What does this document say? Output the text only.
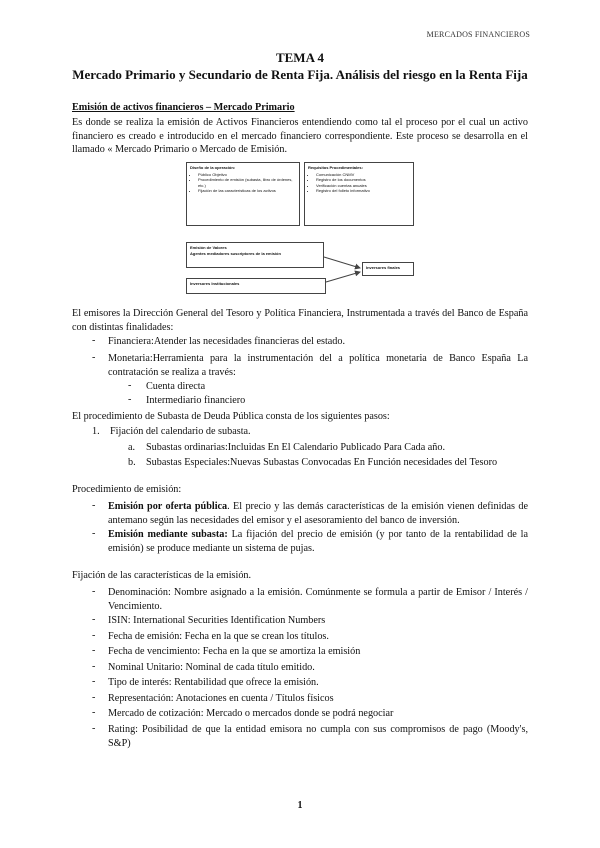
MERCADOS FINANCIEROS
TEMA 4
Mercado Primario y Secundario de Renta Fija. Análisis del riesgo en la Renta Fija
Emisión de activos financieros – Mercado Primario
Es donde se realiza la emisión de Activos Financieros entendiendo como tal el proceso por el cual un activo financiero es creado e introducido en el mercado financiero correspondiente. Este proceso se desarrolla en el llamado « Mercado Primario o Mercado de Emisión.
Diseño de la operación:
• Público Objetivo
• Procedimiento de emisión (subasta, libro de órdenes, etc.)
• Fijación de las características de los activos
Requisitos Procedimentales:
• Comunicación CNMV
• Registro de los documentos
• Verificación cuentas anuales
• Registro del folleto informativo
Emisión de Valores
Agentes mediadores suscriptores de la emisión
Inversores finales
Inversores Institucionales
El emisores la Dirección General del Tesoro y Política Financiera, Instrumentada a través del Banco de España con distintas finalidades:
- Financiera:Atender las necesidades financieras del estado.
- Monetaria:Herramienta para la instrumentación del a política monetaria de Banco España La contratación se realiza a través:
- Cuenta directa
- Intermediario financiero
El procedimiento de Subasta de Deuda Pública consta de los siguientes pasos:
1. Fijación del calendario de subasta.
a. Subastas ordinarias:Incluidas En El Calendario Publicado Para Cada año.
b. Subastas Especiales:Nuevas Subastas Convocadas En Función necesidades del Tesoro
Procedimiento de emisión:
- Emisión por oferta pública. El precio y las demás características de la emisión vienen definidas de antemano según las necesidades del emisor y el asesoramiento del banco de inversión.
- Emisión mediante subasta: La fijación del precio de emisión (y por tanto de la rentabilidad de la emisión) se produce mediante un sistema de pujas.
Fijación de las características de la emisión.
- Denominación: Nombre asignado a la emisión. Comúnmente se formula a partir de Emisor / Interés / Vencimiento.
- ISIN: International Securities Identification Numbers
- Fecha de emisión: Fecha en la que se crean los títulos.
- Fecha de vencimiento: Fecha en la que se amortiza la emisión
- Nominal Unitario: Nominal de cada título emitido.
- Tipo de interés: Rentabilidad que ofrece la emisión.
- Representación: Anotaciones en cuenta / Títulos físicos
- Mercado de cotización: Mercado o mercados donde se podrá negociar
- Rating: Posibilidad de que la entidad emisora no cumpla con sus compromisos de pago (Moody's, S&P)
1
